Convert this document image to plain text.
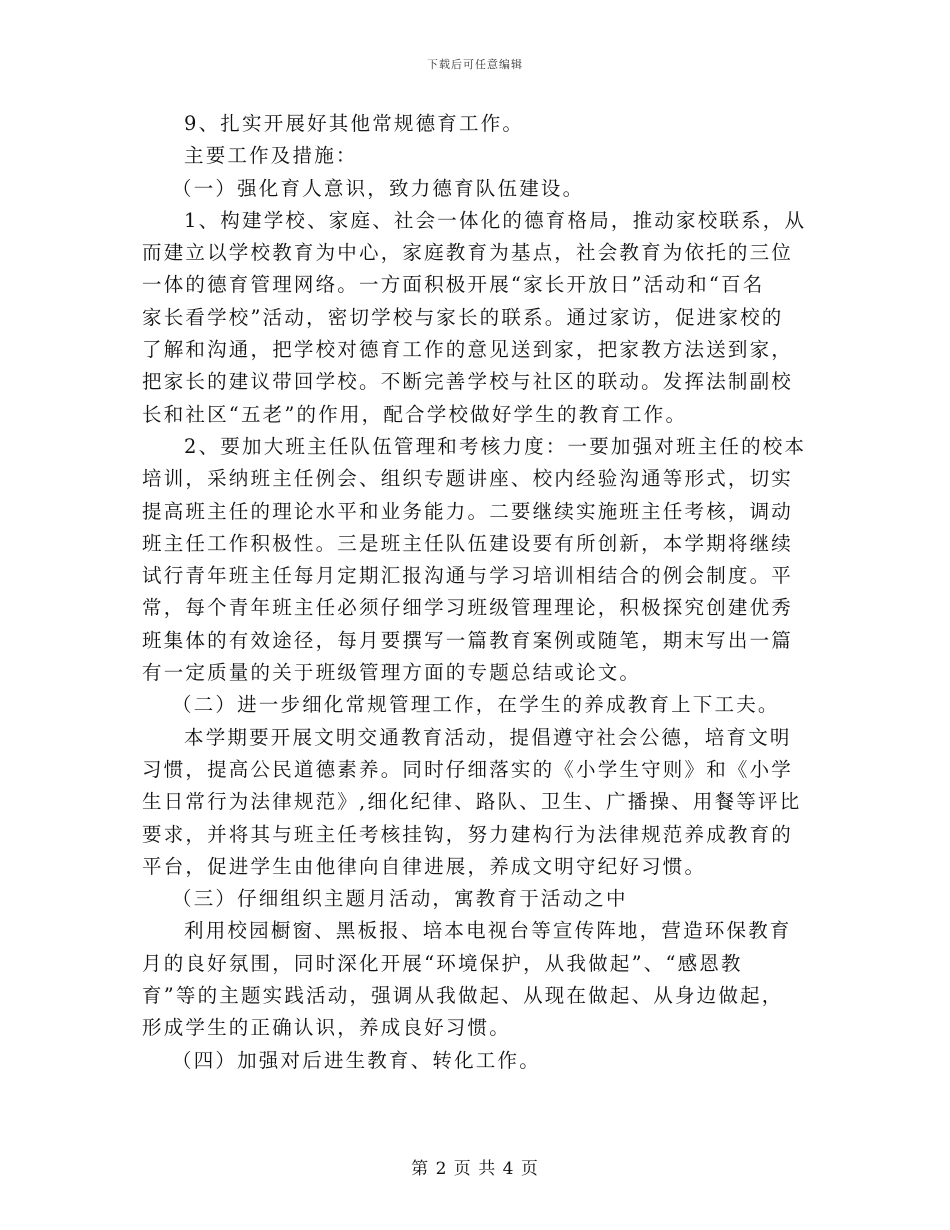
下载后可任意编辑
9、扎实开展好其他常规德育工作。
主要工作及措施：
（一）强化育人意识，致力德育队伍建设。
1、构建学校、家庭、社会一体化的德育格局，推动家校联系，从
而建立以学校教育为中心，家庭教育为基点，社会教育为依托的三位
一体的德育管理网络。一方面积极开展“家长开放日”活动和“百名
家长看学校”活动，密切学校与家长的联系。通过家访，促进家校的
了解和沟通，把学校对德育工作的意见送到家，把家教方法送到家，
把家长的建议带回学校。不断完善学校与社区的联动。发挥法制副校
长和社区“五老”的作用，配合学校做好学生的教育工作。
2、要加大班主任队伍管理和考核力度：一要加强对班主任的校本
培训，采纳班主任例会、组织专题讲座、校内经验沟通等形式，切实
提高班主任的理论水平和业务能力。二要继续实施班主任考核，调动
班主任工作积极性。三是班主任队伍建设要有所创新，本学期将继续
试行青年班主任每月定期汇报沟通与学习培训相结合的例会制度。平
常，每个青年班主任必须仔细学习班级管理理论，积极探究创建优秀
班集体的有效途径，每月要撰写一篇教育案例或随笔，期末写出一篇
有一定质量的关于班级管理方面的专题总结或论文。
（二）进一步细化常规管理工作，在学生的养成教育上下工夫。
本学期要开展文明交通教育活动，提倡遵守社会公德，培育文明
习惯，提高公民道德素养。同时仔细落实的《小学生守则》和《小学
生日常行为法律规范》,细化纪律、路队、卫生、广播操、用餐等评比
要求，并将其与班主任考核挂钩，努力建构行为法律规范养成教育的
平台，促进学生由他律向自律进展，养成文明守纪好习惯。
（三）仔细组织主题月活动，寓教育于活动之中
利用校园橱窗、黑板报、培本电视台等宣传阵地，营造环保教育
月的良好氛围，同时深化开展“环境保护，从我做起”、“感恩教
育”等的主题实践活动，强调从我做起、从现在做起、从身边做起，
形成学生的正确认识，养成良好习惯。
（四）加强对后进生教育、转化工作。
第 2 页 共 4 页
